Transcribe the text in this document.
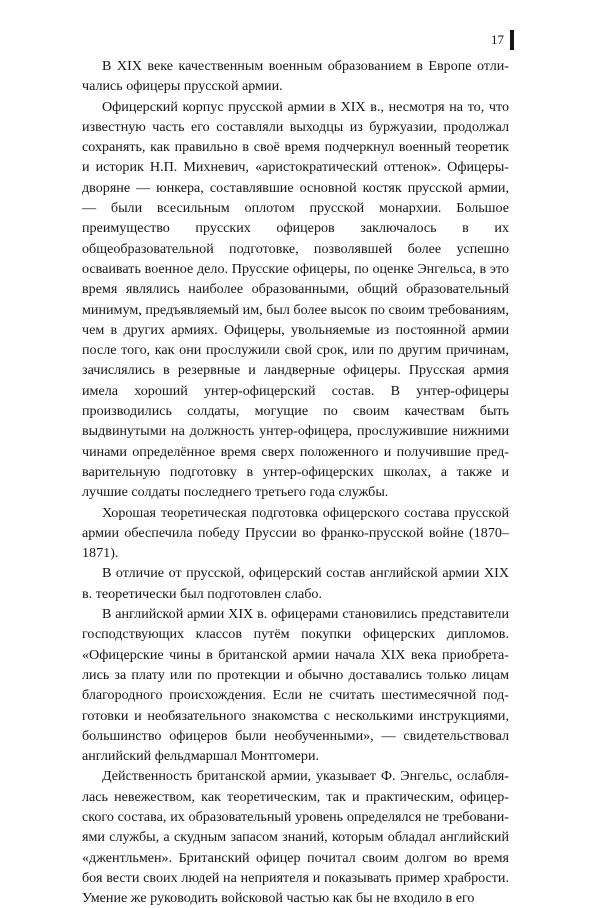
17

В XIX веке качественным военным образованием в Европе отличались офицеры прусской армии.

Офицерский корпус прусской армии в XIX в., несмотря на то, что известную часть его составляли выходцы из буржуазии, продолжал сохранять, как правильно в своё время подчеркнул военный теоретик и историк Н.П. Михневич, «аристократический оттенок». Офицеры-дворяне — юнкера, составлявшие основной костяк прусской армии, — были всесильным оплотом прусской монархии. Большое преимущество прусских офицеров заключалось в их общеобразовательной подготовке, позволявшей более успешно осваивать военное дело. Прусские офицеры, по оценке Энгельса, в это время являлись наиболее образованными, общий образовательный минимум, предъявляемый им, был более высок по своим требованиям, чем в других армиях. Офицеры, увольняемые из постоянной армии после того, как они прослужили свой срок, или по другим причинам, зачислялись в резервные и ландверные офицеры. Прусская армия имела хороший унтер-офицерский состав. В унтер-офицеры производились солдаты, могущие по своим качествам быть выдвинутыми на должность унтер-офицера, прослужившие нижними чинами определённое время сверх положенного и получившие предварительную подготовку в унтер-офицерских школах, а также и лучшие солдаты последнего третьего года службы.

Хорошая теоретическая подготовка офицерского состава прусской армии обеспечила победу Пруссии во франко-прусской войне (1870–1871).

В отличие от прусской, офицерский состав английской армии XIX в. теоретически был подготовлен слабо.

В английской армии XIX в. офицерами становились представители господствующих классов путём покупки офицерских дипломов. «Офицерские чины в британской армии начала XIX века приобретались за плату или по протекции и обычно доставались только лицам благородного происхождения. Если не считать шестимесячной подготовки и необязательного знакомства с несколькими инструкциями, большинство офицеров были необученными», — свидетельствовал английский фельдмаршал Монтгомери.

Действенность британской армии, указывает Ф. Энгельс, ослаблялась невежеством, как теоретическим, так и практическим, офицерского состава, их образовательный уровень определялся не требованиями службы, а скудным запасом знаний, которым обладал английский «джентльмен». Британский офицер почитал своим долгом во время боя вести своих людей на неприятеля и показывать пример храбрости. Умение же руководить войсковой частью как бы не входило в его
